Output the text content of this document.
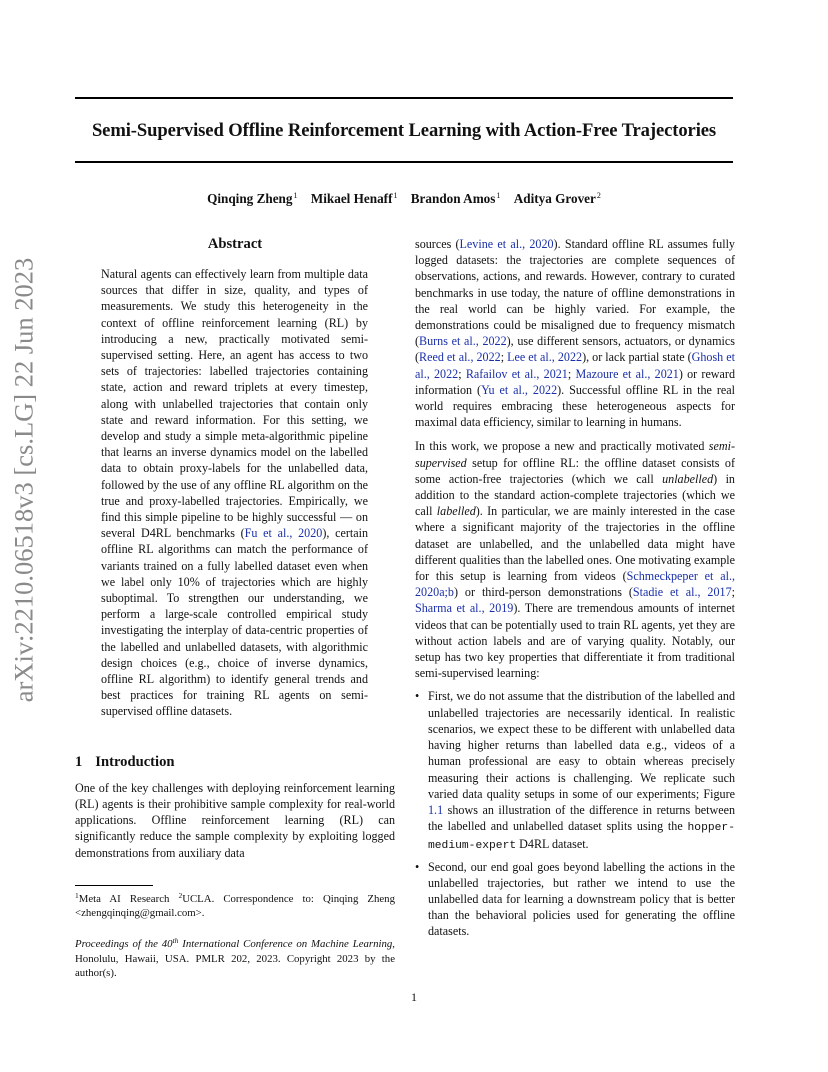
arXiv:2210.06518v3 [cs.LG] 22 Jun 2023
Semi-Supervised Offline Reinforcement Learning with Action-Free Trajectories
Qinqing Zheng$^1$ Mikael Henaff$^1$ Brandon Amos$^1$ Aditya Grover$^2$
Abstract

Natural agents can effectively learn from multiple data sources that differ in size, quality, and types of measurements. We study this heterogeneity in the context of offline reinforcement learning (RL) by introducing a new, practically motivated semi-supervised setting. Here, an agent has access to two sets of trajectories: labelled trajectories containing state, action and reward triplets at every timestep, along with unlabelled trajectories that contain only state and reward information. For this setting, we develop and study a simple meta-algorithmic pipeline that learns an inverse dynamics model on the labelled data to obtain proxy-labels for the unlabelled data, followed by the use of any offline RL algorithm on the true and proxy-labelled trajectories. Empirically, we find this simple pipeline to be highly successful — on several D4RL benchmarks (Fu et al., 2020), certain offline RL algorithms can match the performance of variants trained on a fully labelled dataset even when we label only 10% of trajectories which are highly suboptimal. To strengthen our understanding, we perform a large-scale controlled empirical study investigating the interplay of data-centric properties of the labelled and unlabelled datasets, with algorithmic design choices (e.g., choice of inverse dynamics, offline RL algorithm) to identify general trends and best practices for training RL agents on semi-supervised offline datasets.

1 Introduction

One of the key challenges with deploying reinforcement learning (RL) agents is their prohibitive sample complexity for real-world applications. Offline reinforcement learning (RL) can significantly reduce the sample complexity by exploiting logged demonstrations from auxiliary data

$^1$Meta AI Research $^2$UCLA. Correspondence to: Qinqing Zheng <zhengqinqing@gmail.com>.

Proceedings of the 40th International Conference on Machine Learning, Honolulu, Hawaii, USA. PMLR 202, 2023. Copyright 2023 by the author(s).

sources (Levine et al., 2020). Standard offline RL assumes fully logged datasets: the trajectories are complete sequences of observations, actions, and rewards. However, contrary to curated benchmarks in use today, the nature of offline demonstrations in the real world can be highly varied. For example, the demonstrations could be misaligned due to frequency mismatch (Burns et al., 2022), use different sensors, actuators, or dynamics (Reed et al., 2022; Lee et al., 2022), or lack partial state (Ghosh et al., 2022; Rafailov et al., 2021; Mazoure et al., 2021) or reward information (Yu et al., 2022). Successful offline RL in the real world requires embracing these heterogeneous aspects for maximal data efficiency, similar to learning in humans.

In this work, we propose a new and practically motivated semi-supervised setup for offline RL: the offline dataset consists of some action-free trajectories (which we call unlabelled) in addition to the standard action-complete trajectories (which we call labelled). In particular, we are mainly interested in the case where a significant majority of the trajectories in the offline dataset are unlabelled, and the unlabelled data might have different qualities than the labelled ones. One motivating example for this setup is learning from videos (Schmeckpeper et al., 2020a;b) or third-person demonstrations (Stadie et al., 2017; Sharma et al., 2019). There are tremendous amounts of internet videos that can be potentially used to train RL agents, yet they are without action labels and are of varying quality. Notably, our setup has two key properties that differentiate it from traditional semi-supervised learning:

• First, we do not assume that the distribution of the labelled and unlabelled trajectories are necessarily identical. In realistic scenarios, we expect these to be different with unlabelled data having higher returns than labelled data e.g., videos of a human professional are easy to obtain whereas precisely measuring their actions is challenging. We replicate such varied data quality setups in some of our experiments; Figure 1.1 shows an illustration of the difference in returns between the labelled and unlabelled dataset splits using the hopper-medium-expert D4RL dataset.
• Second, our end goal goes beyond labelling the actions in the unlabelled trajectories, but rather we intend to use the unlabelled data for learning a downstream policy that is better than the behavioral policies used for generating the offline datasets.
1
